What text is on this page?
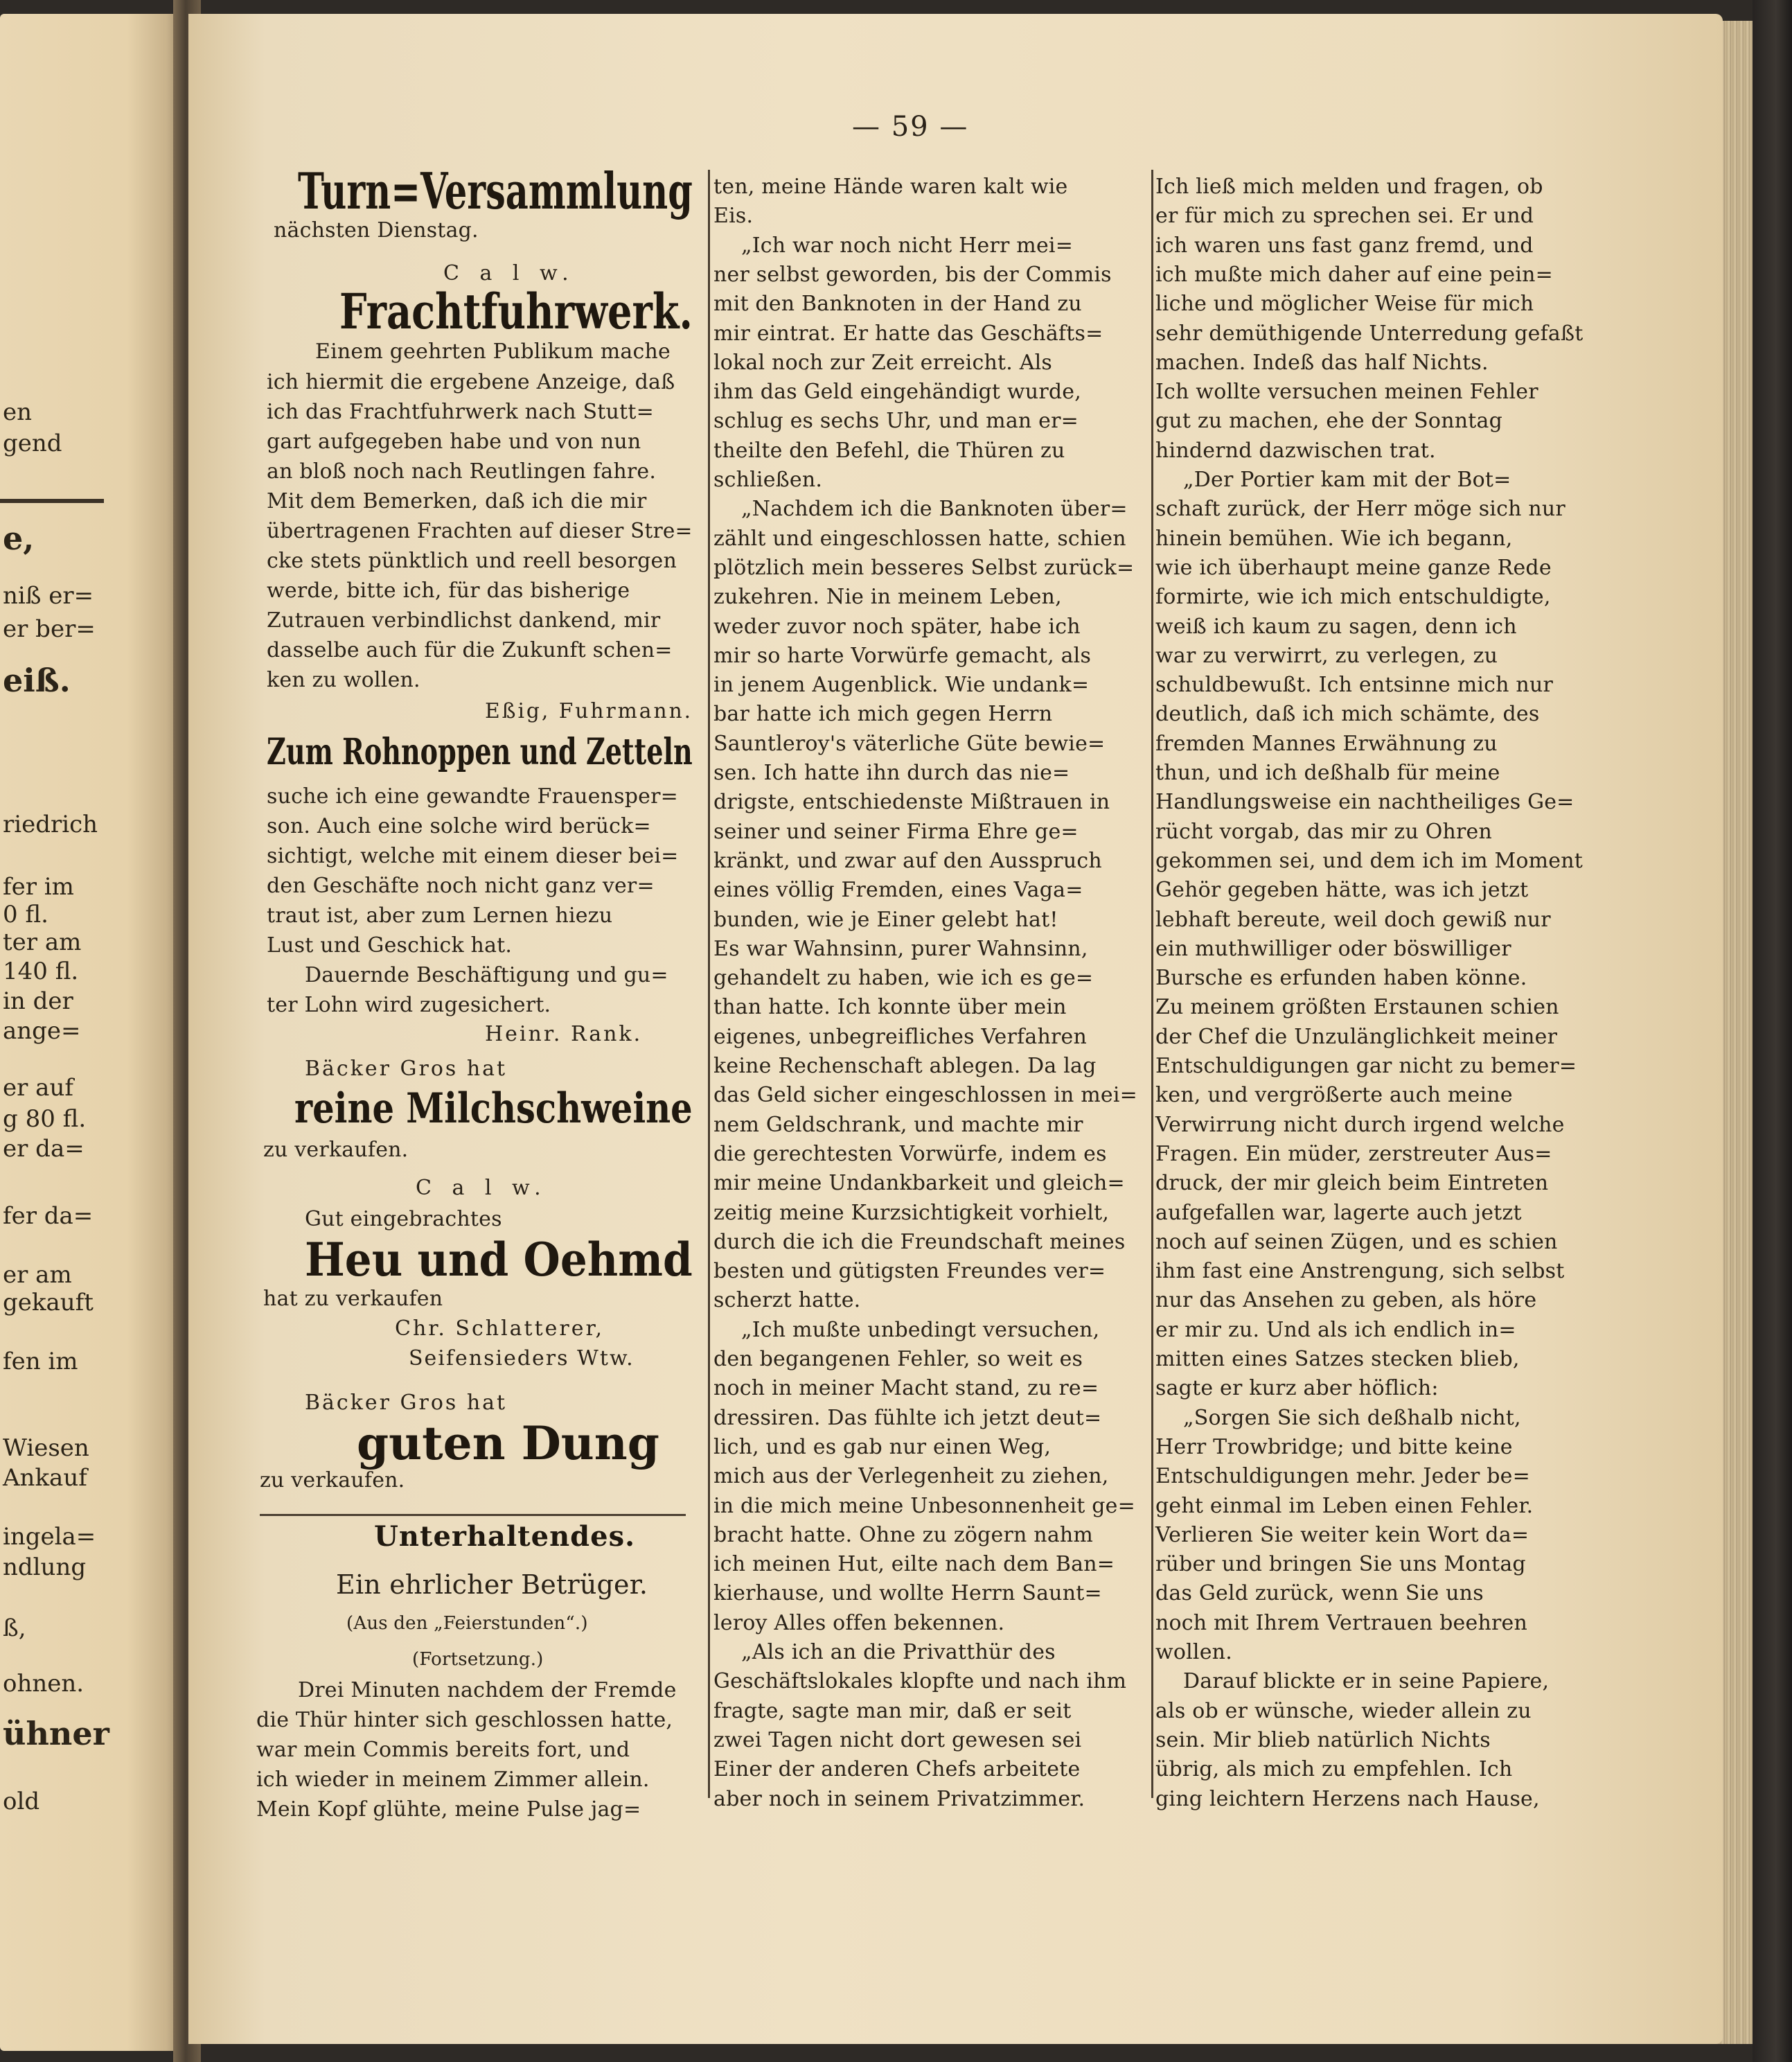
en
gend
e,
niß er=
er ber=
eiß.
riedrich
fer im
0 fl.
ter am
140 fl.
in der
ange=
er auf
g 80 fl.
er da=
fer da=
er am
gekauft
fen im
Wiesen
Ankauf
ingela=
ndlung
ß,
ohnen.
ühner
old
— 59 —
Turn=Versammlung
nächsten Dienstag.
C a l w.
Frachtfuhrwerk.
Einem geehrten Publikum mache
ich hiermit die ergebene Anzeige, daß
ich das Frachtfuhrwerk nach Stutt=
gart aufgegeben habe und von nun
an bloß noch nach Reutlingen fahre.
Mit dem Bemerken, daß ich die mir
übertragenen Frachten auf dieser Stre=
cke stets pünktlich und reell besorgen
werde, bitte ich, für das bisherige
Zutrauen verbindlichst dankend, mir
dasselbe auch für die Zukunft schen=
ken zu wollen.
Eßig, Fuhrmann.
Zum Rohnoppen und Zetteln
suche ich eine gewandte Frauensper=
son. Auch eine solche wird berück=
sichtigt, welche mit einem dieser bei=
den Geschäfte noch nicht ganz ver=
traut ist, aber zum Lernen hiezu
Lust und Geschick hat.
Dauernde Beschäftigung und gu=
ter Lohn wird zugesichert.
Heinr. Rank.
Bäcker Gros hat
reine Milchschweine
zu verkaufen.
C a l w.
Gut eingebrachtes
Heu und Oehmd
hat zu verkaufen
Chr. Schlatterer,
Seifensieders Wtw.
Bäcker Gros hat
guten Dung
zu verkaufen.
Unterhaltendes.
Ein ehrlicher Betrüger.
(Aus den „Feierstunden“.)
(Fortsetzung.)
Drei Minuten nachdem der Fremde
die Thür hinter sich geschlossen hatte,
war mein Commis bereits fort, und
ich wieder in meinem Zimmer allein.
Mein Kopf glühte, meine Pulse jag=
ten, meine Hände waren kalt wie
Eis.
„Ich war noch nicht Herr mei=
ner selbst geworden, bis der Commis
mit den Banknoten in der Hand zu
mir eintrat. Er hatte das Geschäfts=
lokal noch zur Zeit erreicht. Als
ihm das Geld eingehändigt wurde,
schlug es sechs Uhr, und man er=
theilte den Befehl, die Thüren zu
schließen.
„Nachdem ich die Banknoten über=
zählt und eingeschlossen hatte, schien
plötzlich mein besseres Selbst zurück=
zukehren. Nie in meinem Leben,
weder zuvor noch später, habe ich
mir so harte Vorwürfe gemacht, als
in jenem Augenblick. Wie undank=
bar hatte ich mich gegen Herrn
Sauntleroy's väterliche Güte bewie=
sen. Ich hatte ihn durch das nie=
drigste, entschiedenste Mißtrauen in
seiner und seiner Firma Ehre ge=
kränkt, und zwar auf den Ausspruch
eines völlig Fremden, eines Vaga=
bunden, wie je Einer gelebt hat!
Es war Wahnsinn, purer Wahnsinn,
gehandelt zu haben, wie ich es ge=
than hatte. Ich konnte über mein
eigenes, unbegreifliches Verfahren
keine Rechenschaft ablegen. Da lag
das Geld sicher eingeschlossen in mei=
nem Geldschrank, und machte mir
die gerechtesten Vorwürfe, indem es
mir meine Undankbarkeit und gleich=
zeitig meine Kurzsichtigkeit vorhielt,
durch die ich die Freundschaft meines
besten und gütigsten Freundes ver=
scherzt hatte.
„Ich mußte unbedingt versuchen,
den begangenen Fehler, so weit es
noch in meiner Macht stand, zu re=
dressiren. Das fühlte ich jetzt deut=
lich, und es gab nur einen Weg,
mich aus der Verlegenheit zu ziehen,
in die mich meine Unbesonnenheit ge=
bracht hatte. Ohne zu zögern nahm
ich meinen Hut, eilte nach dem Ban=
kierhause, und wollte Herrn Saunt=
leroy Alles offen bekennen.
„Als ich an die Privatthür des
Geschäftslokales klopfte und nach ihm
fragte, sagte man mir, daß er seit
zwei Tagen nicht dort gewesen sei
Einer der anderen Chefs arbeitete
aber noch in seinem Privatzimmer.
Ich ließ mich melden und fragen, ob
er für mich zu sprechen sei. Er und
ich waren uns fast ganz fremd, und
ich mußte mich daher auf eine pein=
liche und möglicher Weise für mich
sehr demüthigende Unterredung gefaßt
machen. Indeß das half Nichts.
Ich wollte versuchen meinen Fehler
gut zu machen, ehe der Sonntag
hindernd dazwischen trat.
„Der Portier kam mit der Bot=
schaft zurück, der Herr möge sich nur
hinein bemühen. Wie ich begann,
wie ich überhaupt meine ganze Rede
formirte, wie ich mich entschuldigte,
weiß ich kaum zu sagen, denn ich
war zu verwirrt, zu verlegen, zu
schuldbewußt. Ich entsinne mich nur
deutlich, daß ich mich schämte, des
fremden Mannes Erwähnung zu
thun, und ich deßhalb für meine
Handlungsweise ein nachtheiliges Ge=
rücht vorgab, das mir zu Ohren
gekommen sei, und dem ich im Moment
Gehör gegeben hätte, was ich jetzt
lebhaft bereute, weil doch gewiß nur
ein muthwilliger oder böswilliger
Bursche es erfunden haben könne.
Zu meinem größten Erstaunen schien
der Chef die Unzulänglichkeit meiner
Entschuldigungen gar nicht zu bemer=
ken, und vergrößerte auch meine
Verwirrung nicht durch irgend welche
Fragen. Ein müder, zerstreuter Aus=
druck, der mir gleich beim Eintreten
aufgefallen war, lagerte auch jetzt
noch auf seinen Zügen, und es schien
ihm fast eine Anstrengung, sich selbst
nur das Ansehen zu geben, als höre
er mir zu. Und als ich endlich in=
mitten eines Satzes stecken blieb,
sagte er kurz aber höflich:
„Sorgen Sie sich deßhalb nicht,
Herr Trowbridge; und bitte keine
Entschuldigungen mehr. Jeder be=
geht einmal im Leben einen Fehler.
Verlieren Sie weiter kein Wort da=
rüber und bringen Sie uns Montag
das Geld zurück, wenn Sie uns
noch mit Ihrem Vertrauen beehren
wollen.
Darauf blickte er in seine Papiere,
als ob er wünsche, wieder allein zu
sein. Mir blieb natürlich Nichts
übrig, als mich zu empfehlen. Ich
ging leichtern Herzens nach Hause,
